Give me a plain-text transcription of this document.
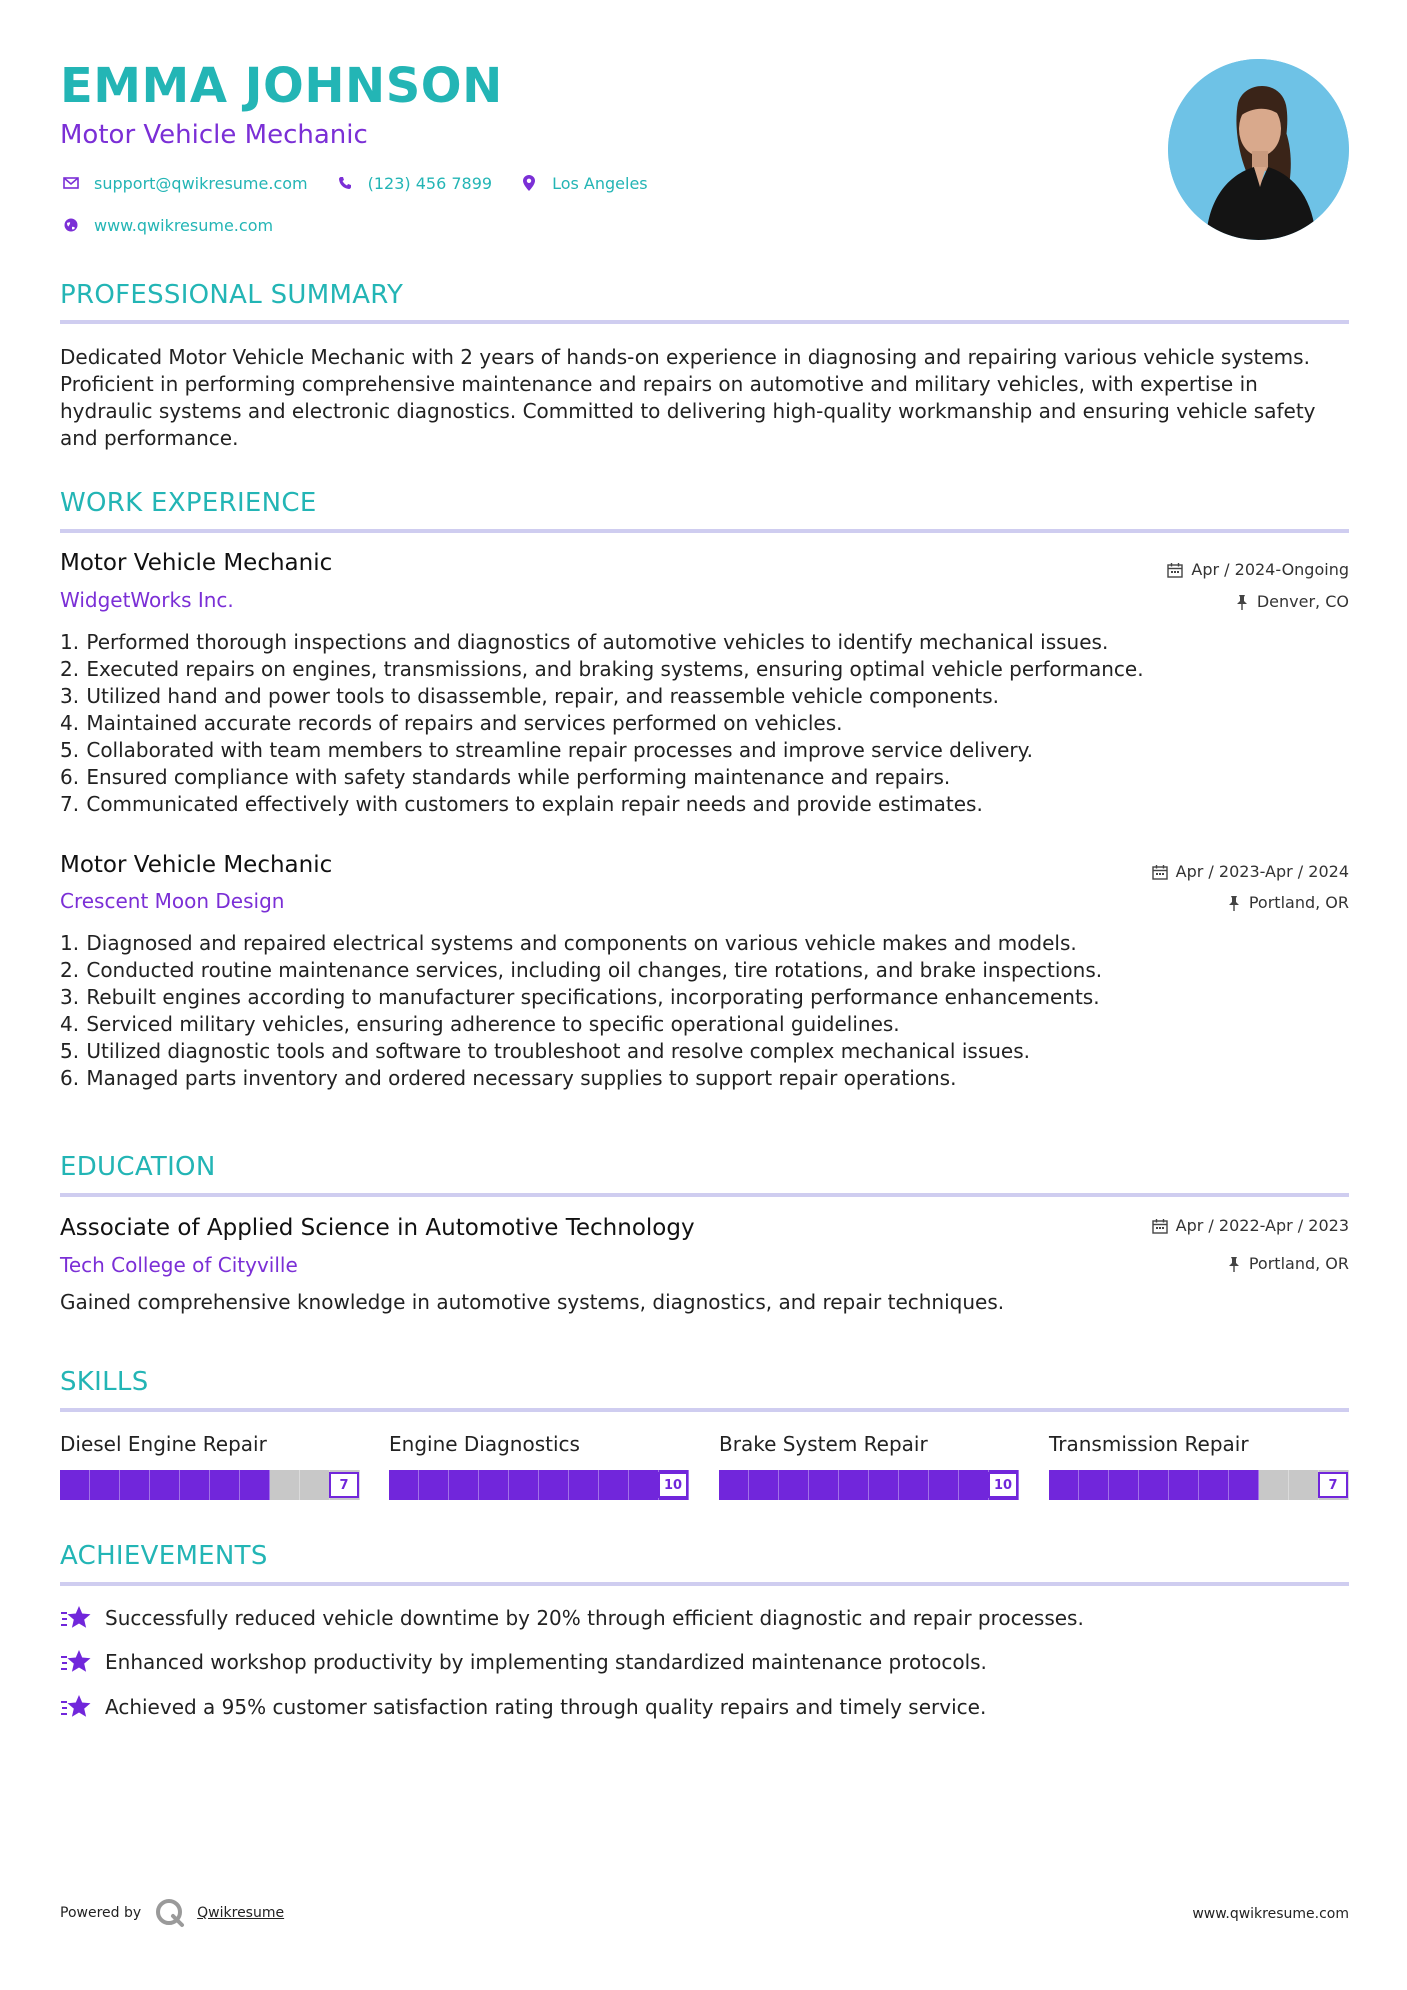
EMMA JOHNSON
Motor Vehicle Mechanic
support@qwikresume.com	(123) 456 7899	Los Angeles
www.qwikresume.com
PROFESSIONAL SUMMARY
Dedicated Motor Vehicle Mechanic with 2 years of hands-on experience in diagnosing and repairing various vehicle systems. Proficient in performing comprehensive maintenance and repairs on automotive and military vehicles, with expertise in hydraulic systems and electronic diagnostics. Committed to delivering high-quality workmanship and ensuring vehicle safety and performance.
WORK EXPERIENCE
Motor Vehicle Mechanic
WidgetWorks Inc.
Apr / 2024-Ongoing
Denver, CO
1.
Performed thorough inspections and diagnostics of automotive vehicles to identify mechanical issues.
2.
Executed repairs on engines, transmissions, and braking systems, ensuring optimal vehicle performance.
3.
Utilized hand and power tools to disassemble, repair, and reassemble vehicle components.
4.
Maintained accurate records of repairs and services performed on vehicles.
5.
Collaborated with team members to streamline repair processes and improve service delivery.
6.
Ensured compliance with safety standards while performing maintenance and repairs.
7.
Communicated effectively with customers to explain repair needs and provide estimates.
Motor Vehicle Mechanic
Crescent Moon Design
Apr / 2023-Apr / 2024
Portland, OR
1.
Diagnosed and repaired electrical systems and components on various vehicle makes and models.
2.
Conducted routine maintenance services, including oil changes, tire rotations, and brake inspections.
3.
Rebuilt engines according to manufacturer specifications, incorporating performance enhancements.
4.
Serviced military vehicles, ensuring adherence to specific operational guidelines.
5.
Utilized diagnostic tools and software to troubleshoot and resolve complex mechanical issues.
6.
Managed parts inventory and ordered necessary supplies to support repair operations.
EDUCATION
Associate of Applied Science in Automotive Technology
Tech College of Cityville
Apr / 2022-Apr / 2023
Portland, OR
Gained comprehensive knowledge in automotive systems, diagnostics, and repair techniques.
SKILLS
Diesel Engine Repair
7
Engine Diagnostics
10
Brake System Repair
10
Transmission Repair
7
ACHIEVEMENTS
Successfully reduced vehicle downtime by 20% through efficient diagnostic and repair processes.
Enhanced workshop productivity by implementing standardized maintenance protocols.
Achieved a 95% customer satisfaction rating through quality repairs and timely service.
Powered by	Qwikresume	www.qwikresume.com
